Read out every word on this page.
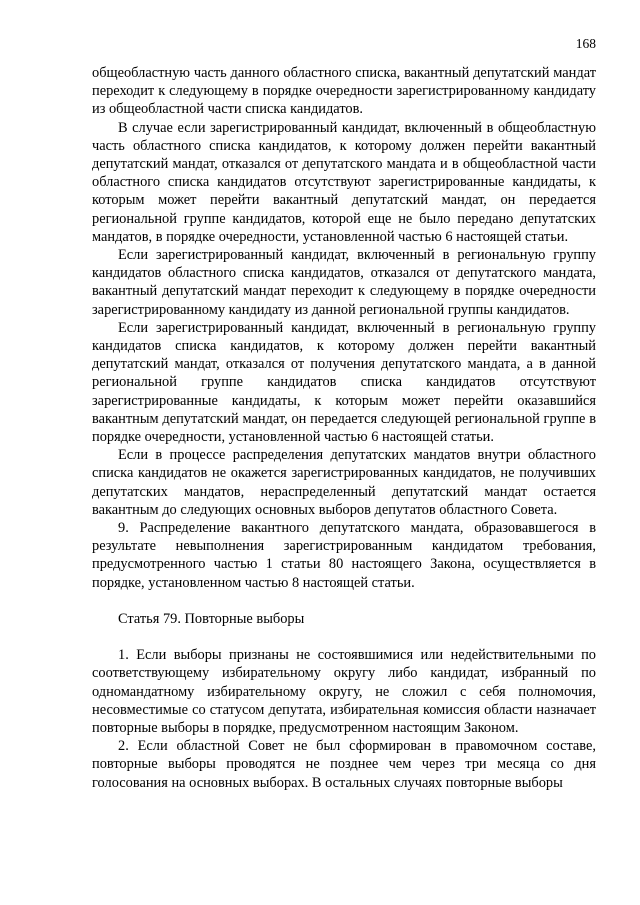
168

общеобластную часть данного областного списка, вакантный депутатский мандат переходит к следующему в порядке очередности зарегистрированному кандидату из общеобластной части списка кандидатов.

В случае если зарегистрированный кандидат, включенный в общеобластную часть областного списка кандидатов, к которому должен перейти вакантный депутатский мандат, отказался от депутатского мандата и в общеобластной части областного списка кандидатов отсутствуют зарегистрированные кандидаты, к которым может перейти вакантный депутатский мандат, он передается региональной группе кандидатов, которой еще не было передано депутатских мандатов, в порядке очередности, установленной частью 6 настоящей статьи.

Если зарегистрированный кандидат, включенный в региональную группу кандидатов областного списка кандидатов, отказался от депутатского мандата, вакантный депутатский мандат переходит к следующему в порядке очередности зарегистрированному кандидату из данной региональной группы кандидатов.

Если зарегистрированный кандидат, включенный в региональную группу кандидатов списка кандидатов, к которому должен перейти вакантный депутатский мандат, отказался от получения депутатского мандата, а в данной региональной группе кандидатов списка кандидатов отсутствуют зарегистрированные кандидаты, к которым может перейти оказавшийся вакантным депутатский мандат, он передается следующей региональной группе в порядке очередности, установленной частью 6 настоящей статьи.

Если в процессе распределения депутатских мандатов внутри областного списка кандидатов не окажется зарегистрированных кандидатов, не получивших депутатских мандатов, нераспределенный депутатский мандат остается вакантным до следующих основных выборов депутатов областного Совета.

9. Распределение вакантного депутатского мандата, образовавшегося в результате невыполнения зарегистрированным кандидатом требования, предусмотренного частью 1 статьи 80 настоящего Закона, осуществляется в порядке, установленном частью 8 настоящей статьи.

Статья 79. Повторные выборы

1. Если выборы признаны не состоявшимися или недействительными по соответствующему избирательному округу либо кандидат, избранный по одномандатному избирательному округу, не сложил с себя полномочия, несовместимые со статусом депутата, избирательная комиссия области назначает повторные выборы в порядке, предусмотренном настоящим Законом.

2. Если областной Совет не был сформирован в правомочном составе, повторные выборы проводятся не позднее чем через три месяца со дня голосования на основных выборах. В остальных случаях повторные выборы
